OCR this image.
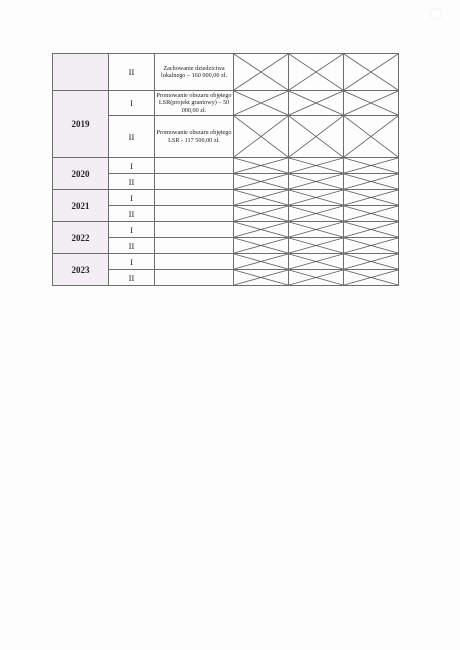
	II	Zachowanie dziedzictwa lokalnego – 160 000,00 zł.	

2019	I	Promowanie obszaru objętego LSR(projekt grantowy) – 50 000,00 zł.	

	II	Promowanie obszaru objętego LSR - 117 500,00 zł.	

2020	I		

	II		

2021	I		

	II		

2022	I		

	II		

2023	I		

	II		
